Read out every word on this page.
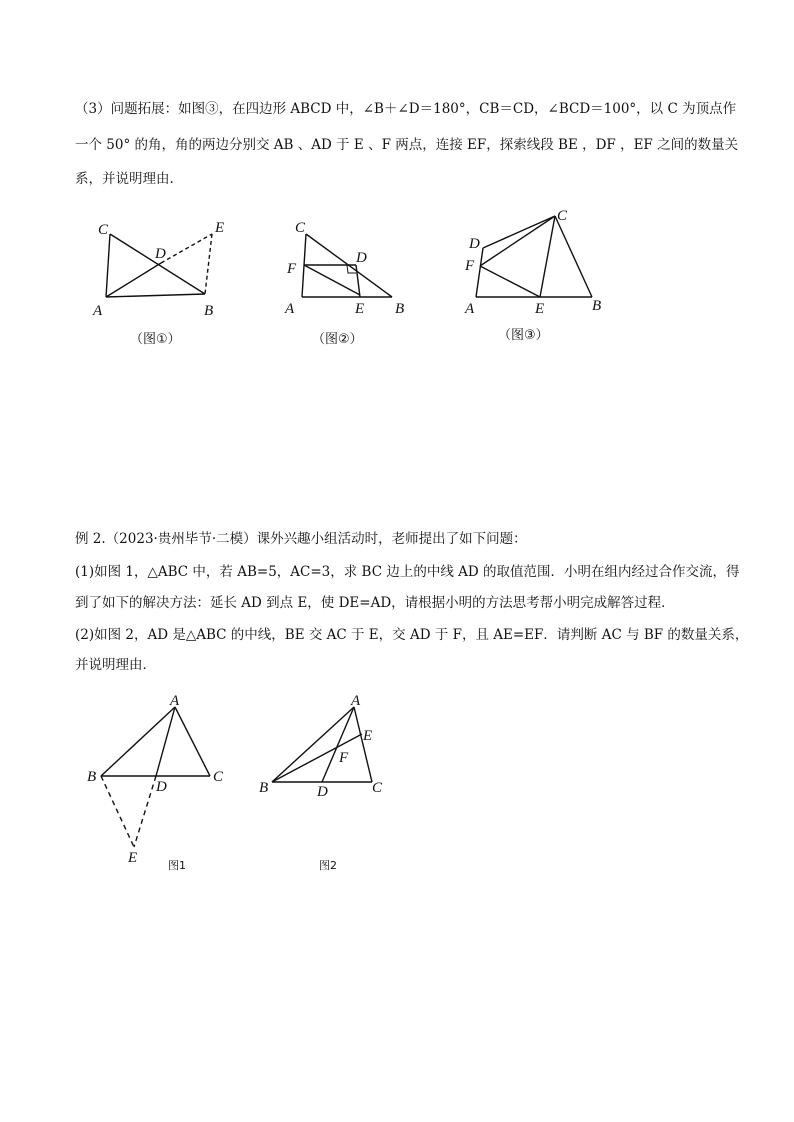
（3）问题拓展：如图③，在四边形 ABCD 中，∠B＋∠D＝180°，CB＝CD，∠BCD＝100°，以 C 为顶点作
一个 50° 的角，角的两边分别交 AB 、AD 于 E 、F 两点，连接 EF，探索线段 BE ，DF ，EF 之间的数量关
系，并说明理由.
C	E
D
A	B
（图①）
C
D
F
A	E B
（图②）
C
D
F
A	E	B
（图③）
例 2.（2023·贵州毕节·二模）课外兴趣小组活动时，老师提出了如下问题：
(1)如图 1，△ABC 中，若 AB=5，AC=3，求 BC 边上的中线 AD 的取值范围．小明在组内经过合作交流，得
到了如下的解决方法：延长 AD 到点 E，使 DE=AD，请根据小明的方法思考帮小明完成解答过程．
(2)如图 2，AD 是△ABC 的中线，BE 交 AC 于 E，交 AD 于 F，且 AE=EF．请判断 AC 与 BF 的数量关系，
并说明理由．
A
B
D
C
E	图1
A
E
F
B	D	C
图2
